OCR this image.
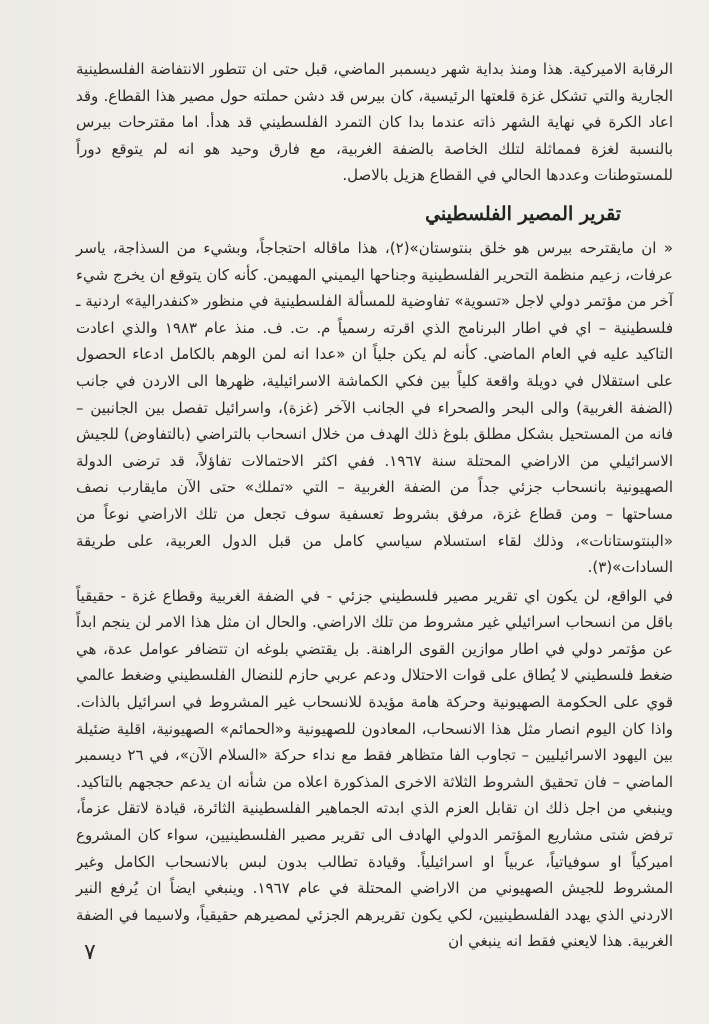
الرقابة الاميركية. هذا ومنذ بداية شهر ديسمبر الماضي، قبل حتى ان تتطور الانتفاضة الفلسطينية الجارية والتي تشكل غزة قلعتها الرئيسية، كان بيرس قد دشن حملته حول مصير هذا القطاع. وقد اعاد الكرة في نهاية الشهر ذاته عندما بدا كان التمرد الفلسطيني قد هدأ. اما مقترحات بيرس بالنسبة لغزة فمماثلة لتلك الخاصة بالضفة الغربية، مع فارق وحيد هو انه لم يتوقع دوراً للمستوطنات وعددها الحالي في القطاع هزيل بالاصل.

تقرير المصير الفلسطيني

« ان مايقترحه بيرس هو خلق بنتوستان»(٢)، هذا ماقاله احتجاجاً، وبشيء من السذاجة، ياسر عرفات، زعيم منظمة التحرير الفلسطينية وجناحها اليميني المهيمن. كأنه كان يتوقع ان يخرج شيء آخر من مؤتمر دولي لاجل «تسوية» تفاوضية للمسألة الفلسطينية في منظور «كنفدرالية» اردنية ـ فلسطينية – اي في اطار البرنامج الذي اقرته رسمياً م. ت. ف. منذ عام ١٩٨٣ والذي اعادت التاكيد عليه في العام الماضي. كأنه لم يكن جلياً ان «عدا انه لمن الوهم بالكامل ادعاء الحصول على استقلال في دويلة واقعة كلياً بين فكي الكماشة الاسرائيلية، ظهرها الى الاردن في جانب (الضفة الغربية) والى البحر والصحراء في الجانب الآخر (غزة)، واسرائيل تفصل بين الجانبين – فانه من المستحيل بشكل مطلق بلوغ ذلك الهدف من خلال انسحاب بالتراضي (بالتفاوض) للجيش الاسرائيلي من الاراضي المحتلة سنة ١٩٦٧. ففي اكثر الاحتمالات تفاؤلاً، قد ترضى الدولة الصهيونية بانسحاب جزئي جداً من الضفة الغربية – التي «تملك» حتى الآن مايقارب نصف مساحتها – ومن قطاع غزة، مرفق بشروط تعسفية سوف تجعل من تلك الاراضي نوعاً من «البنتوستانات»، وذلك لقاء استسلام سياسي كامل من قبل الدول العربية، على طريقة السادات»(٣).

في الواقع، لن يكون اي تقرير مصير فلسطيني جزئي - في الضفة الغربية وقطاع غزة - حقيقياً باقل من انسحاب اسرائيلي غير مشروط من تلك الاراضي. والحال ان مثل هذا الامر لن ينجم ابداً عن مؤتمر دولي في اطار موازين القوى الراهنة. بل يقتضي بلوغه ان تتضافر عوامل عدة، هي ضغط فلسطيني لا يُطاق على قوات الاحتلال ودعم عربي حازم للنضال الفلسطيني وضغط عالمي قوي على الحكومة الصهيونية وحركة هامة مؤيدة للانسحاب غير المشروط في اسرائيل بالذات. واذا كان اليوم انصار مثل هذا الانسحاب، المعادون للصهيونية و«الحمائم» الصهيونية، اقلية ضئيلة بين اليهود الاسرائيليين – تجاوب الفا متظاهر فقط مع نداء حركة «السلام الآن»، في ٢٦ ديسمبر الماضي – فان تحقيق الشروط الثلاثة الاخرى المذكورة اعلاه من شأنه ان يدعم حججهم بالتاكيد. وينبغي من اجل ذلك ان تقابل العزم الذي ابدته الجماهير الفلسطينية الثائرة، قيادة لاتقل عزماً، ترفض شتى مشاريع المؤتمر الدولي الهادف الى تقرير مصير الفلسطينيين، سواء كان المشروع اميركياً او سوفياتياً، عربياً او اسرائيلياً. وقيادة تطالب بدون لبس بالانسحاب الكامل وغير المشروط للجيش الصهيوني من الاراضي المحتلة في عام ١٩٦٧. وينبغي ايضاً ان يُرفع النير الاردني الذي يهدد الفلسطينيين، لكي يكون تقريرهم الجزئي لمصيرهم حقيقياً، ولاسيما في الضفة الغربية. هذا لايعني فقط انه ينبغي ان

٧
